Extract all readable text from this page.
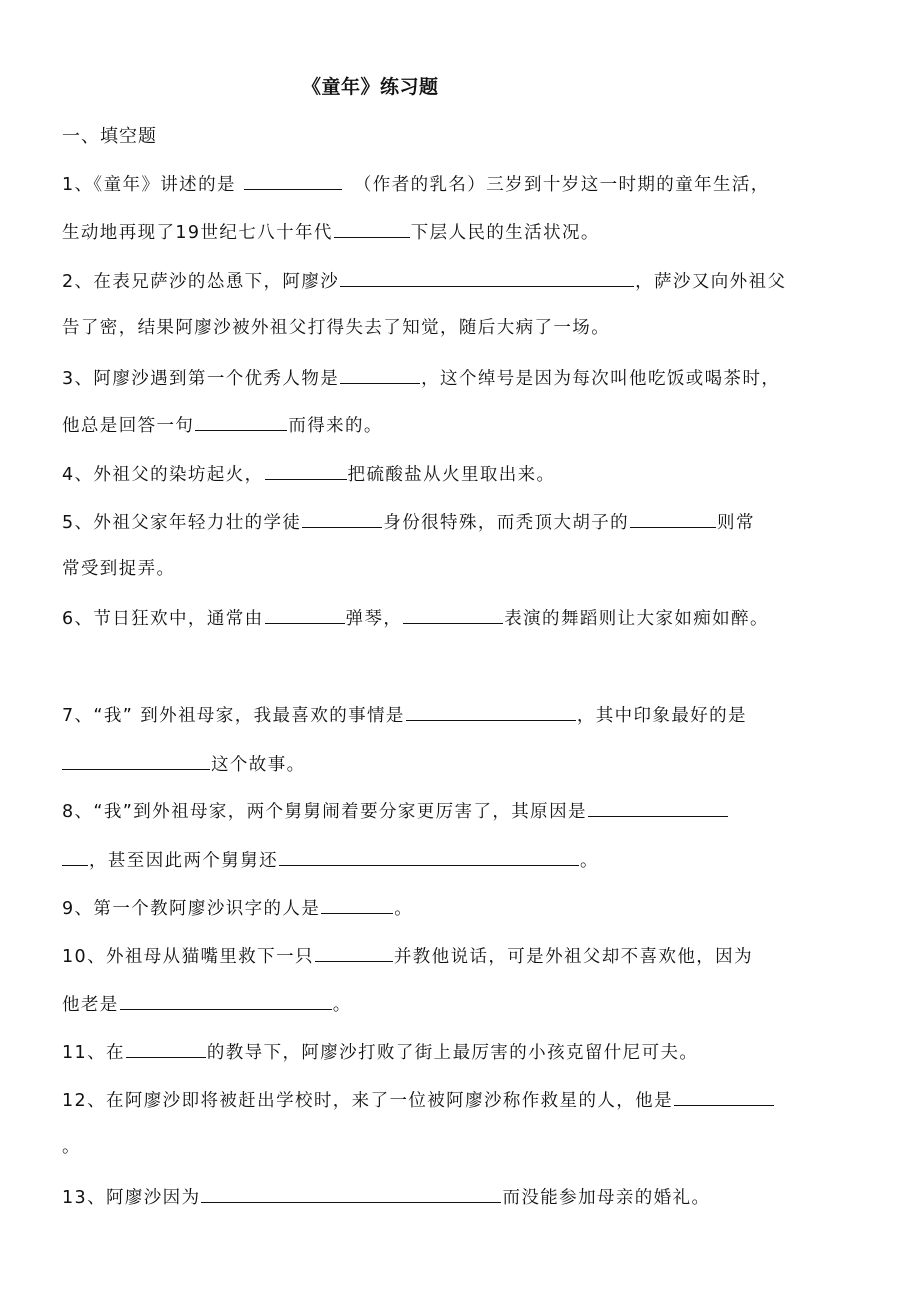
《童年》练习题
一、填空题
1、《童年》讲述的是	（作者的乳名）三岁到十岁这一时期的童年生活，
生动地再现了19世纪七八十年代	下层人民的生活状况。
2、在表兄萨沙的怂恿下，阿廖沙	，萨沙又向外祖父
告了密，结果阿廖沙被外祖父打得失去了知觉，随后大病了一场。
3、阿廖沙遇到第一个优秀人物是	，这个绰号是因为每次叫他吃饭或喝茶时，
他总是回答一句	而得来的。
4、外祖父的染坊起火，	把硫酸盐从火里取出来。
5、外祖父家年轻力壮的学徒	身份很特殊，而秃顶大胡子的	则常
常受到捉弄。
6、节日狂欢中，通常由	弹琴，	表演的舞蹈则让大家如痴如醉。
7、“我” 到外祖母家，我最喜欢的事情是	，其中印象最好的是
这个故事。
8、“我”到外祖母家，两个舅舅闹着要分家更厉害了，其原因是
，甚至因此两个舅舅还	。
9、第一个教阿廖沙识字的人是	。
10、外祖母从猫嘴里救下一只	并教他说话，可是外祖父却不喜欢他，因为
他老是	。
11、在	的教导下，阿廖沙打败了街上最厉害的小孩克留什尼可夫。
12、在阿廖沙即将被赶出学校时，来了一位被阿廖沙称作救星的人，他是
。
13、阿廖沙因为	而没能参加母亲的婚礼。
